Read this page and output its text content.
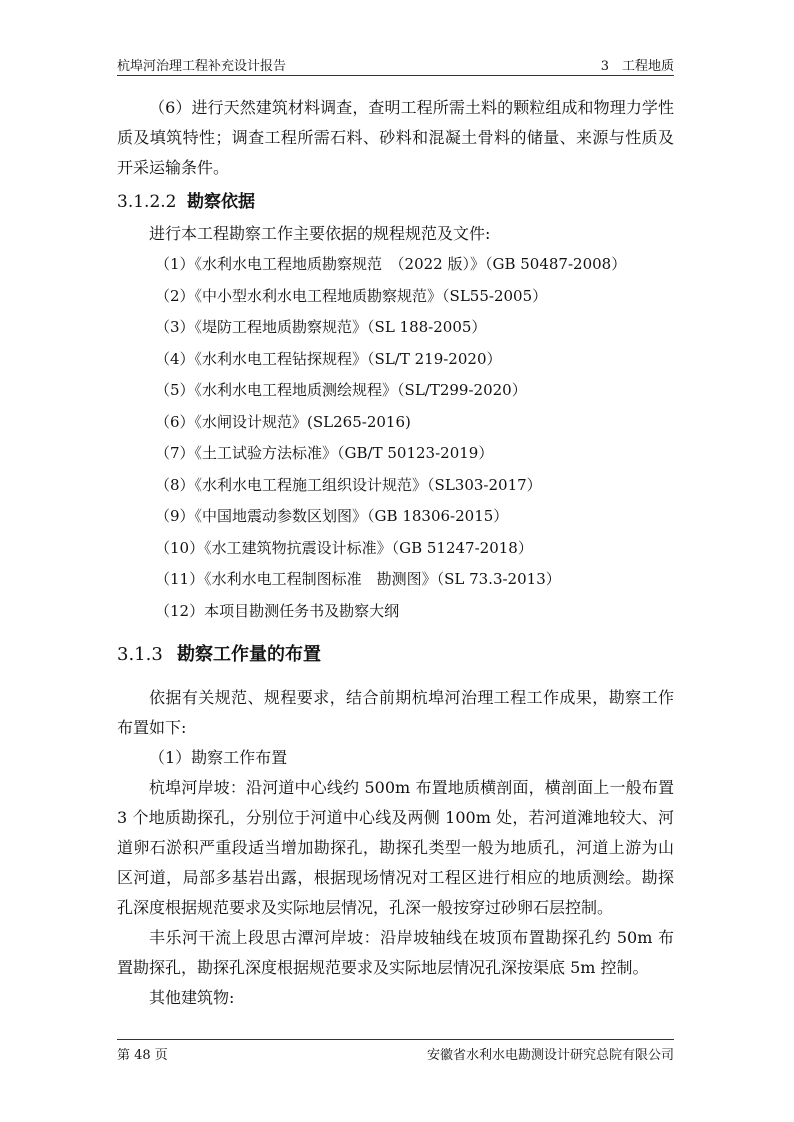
杭埠河治理工程补充设计报告	3　工程地质

（6）进行天然建筑材料调查，查明工程所需土料的颗粒组成和物理力学性质及填筑特性；调查工程所需石料、砂料和混凝土骨料的储量、来源与性质及开采运输条件。

3.1.2.2 勘察依据

进行本工程勘察工作主要依据的规程规范及文件:

（1）《水利水电工程地质勘察规范　（2022 版）》（GB 50487-2008）

（2）《中小型水利水电工程地质勘察规范》（SL55-2005）

（3）《堤防工程地质勘察规范》（SL 188-2005）

（4）《水利水电工程钻探规程》（SL/T 219-2020）

（5）《水利水电工程地质测绘规程》（SL/T299-2020）

（6）《水闸设计规范》(SL265-2016)

（7）《土工试验方法标准》（GB/T 50123-2019）

（8）《水利水电工程施工组织设计规范》（SL303-2017）

（9）《中国地震动参数区划图》（GB 18306-2015）

（10）《水工建筑物抗震设计标准》（GB 51247-2018）

（11）《水利水电工程制图标准　勘测图》（SL 73.3-2013）

（12）本项目勘测任务书及勘察大纲

3.1.3 勘察工作量的布置

依据有关规范、规程要求，结合前期杭埠河治理工程工作成果，勘察工作布置如下:

（1）勘察工作布置

杭埠河岸坡：沿河道中心线约 500m 布置地质横剖面，横剖面上一般布置 3 个地质勘探孔，分别位于河道中心线及两侧 100m 处，若河道滩地较大、河道卵石淤积严重段适当增加勘探孔，勘探孔类型一般为地质孔，河道上游为山区河道，局部多基岩出露，根据现场情况对工程区进行相应的地质测绘。勘探孔深度根据规范要求及实际地层情况，孔深一般按穿过砂卵石层控制。

丰乐河干流上段思古潭河岸坡：沿岸坡轴线在坡顶布置勘探孔约 50m 布置勘探孔，勘探孔深度根据规范要求及实际地层情况孔深按渠底 5m 控制。

其他建筑物:

第 48 页	安徽省水利水电勘测设计研究总院有限公司
